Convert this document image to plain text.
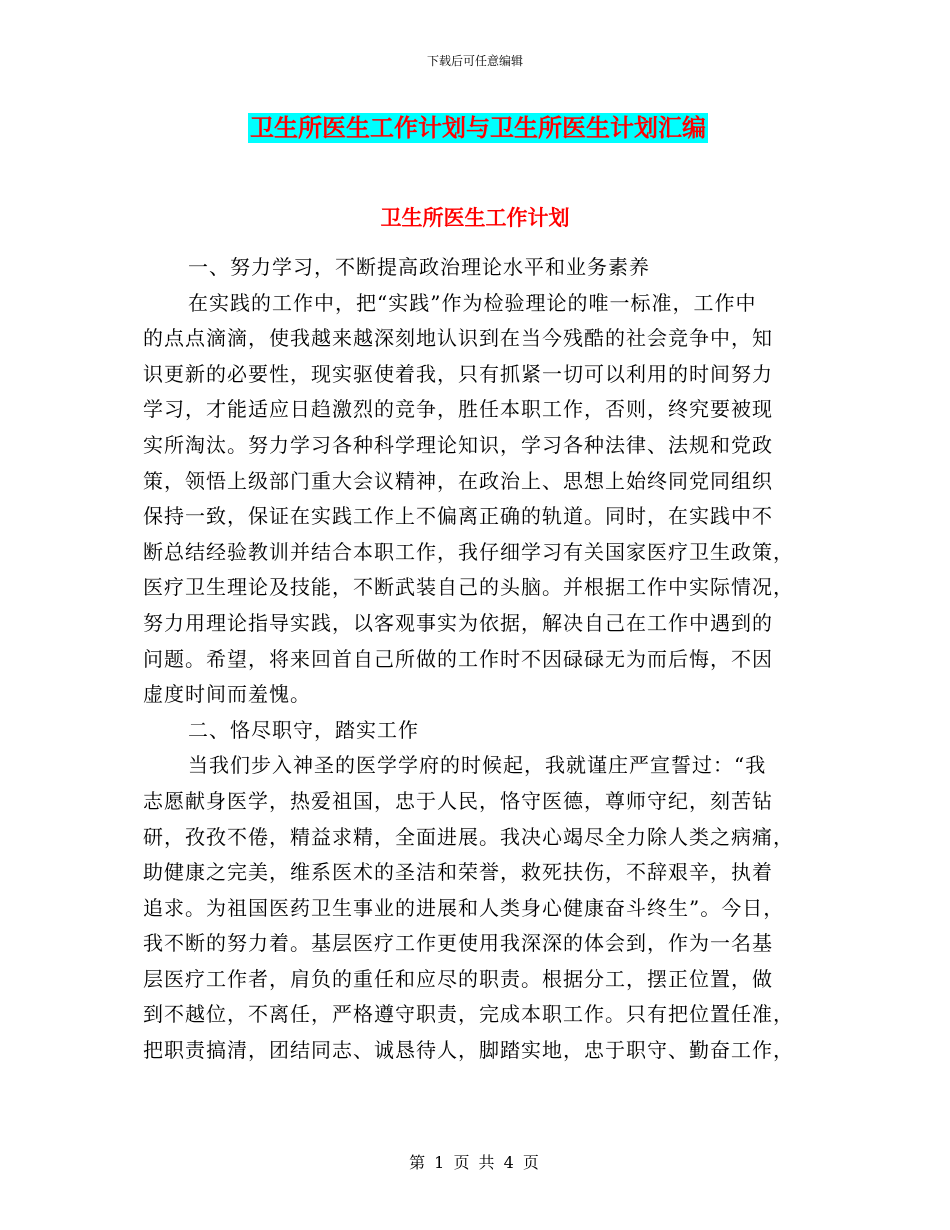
下载后可任意编辑
卫生所医生工作计划与卫生所医生计划汇编
卫生所医生工作计划
一、努力学习，不断提高政治理论水平和业务素养
在实践的工作中，把“实践”作为检验理论的唯一标准，工作中
的点点滴滴，使我越来越深刻地认识到在当今残酷的社会竞争中，知
识更新的必要性，现实驱使着我，只有抓紧一切可以利用的时间努力
学习，才能适应日趋激烈的竞争，胜任本职工作，否则，终究要被现
实所淘汰。努力学习各种科学理论知识，学习各种法律、法规和党政
策，领悟上级部门重大会议精神，在政治上、思想上始终同党同组织
保持一致，保证在实践工作上不偏离正确的轨道。同时，在实践中不
断总结经验教训并结合本职工作，我仔细学习有关国家医疗卫生政策，
医疗卫生理论及技能，不断武装自己的头脑。并根据工作中实际情况，
努力用理论指导实践，以客观事实为依据，解决自己在工作中遇到的
问题。希望，将来回首自己所做的工作时不因碌碌无为而后悔，不因
虚度时间而羞愧。
二、恪尽职守，踏实工作
当我们步入神圣的医学学府的时候起，我就谨庄严宣誓过：“我
志愿献身医学，热爱祖国，忠于人民，恪守医德，尊师守纪，刻苦钻
研，孜孜不倦，精益求精，全面进展。我决心竭尽全力除人类之病痛，
助健康之完美，维系医术的圣洁和荣誉，救死扶伤，不辞艰辛，执着
追求。为祖国医药卫生事业的进展和人类身心健康奋斗终生”。今日，
我不断的努力着。基层医疗工作更使用我深深的体会到，作为一名基
层医疗工作者，肩负的重任和应尽的职责。根据分工，摆正位置，做
到不越位，不离任，严格遵守职责，完成本职工作。只有把位置任准，
把职责搞清，团结同志、诚恳待人，脚踏实地，忠于职守、勤奋工作，
第 1 页 共 4 页
